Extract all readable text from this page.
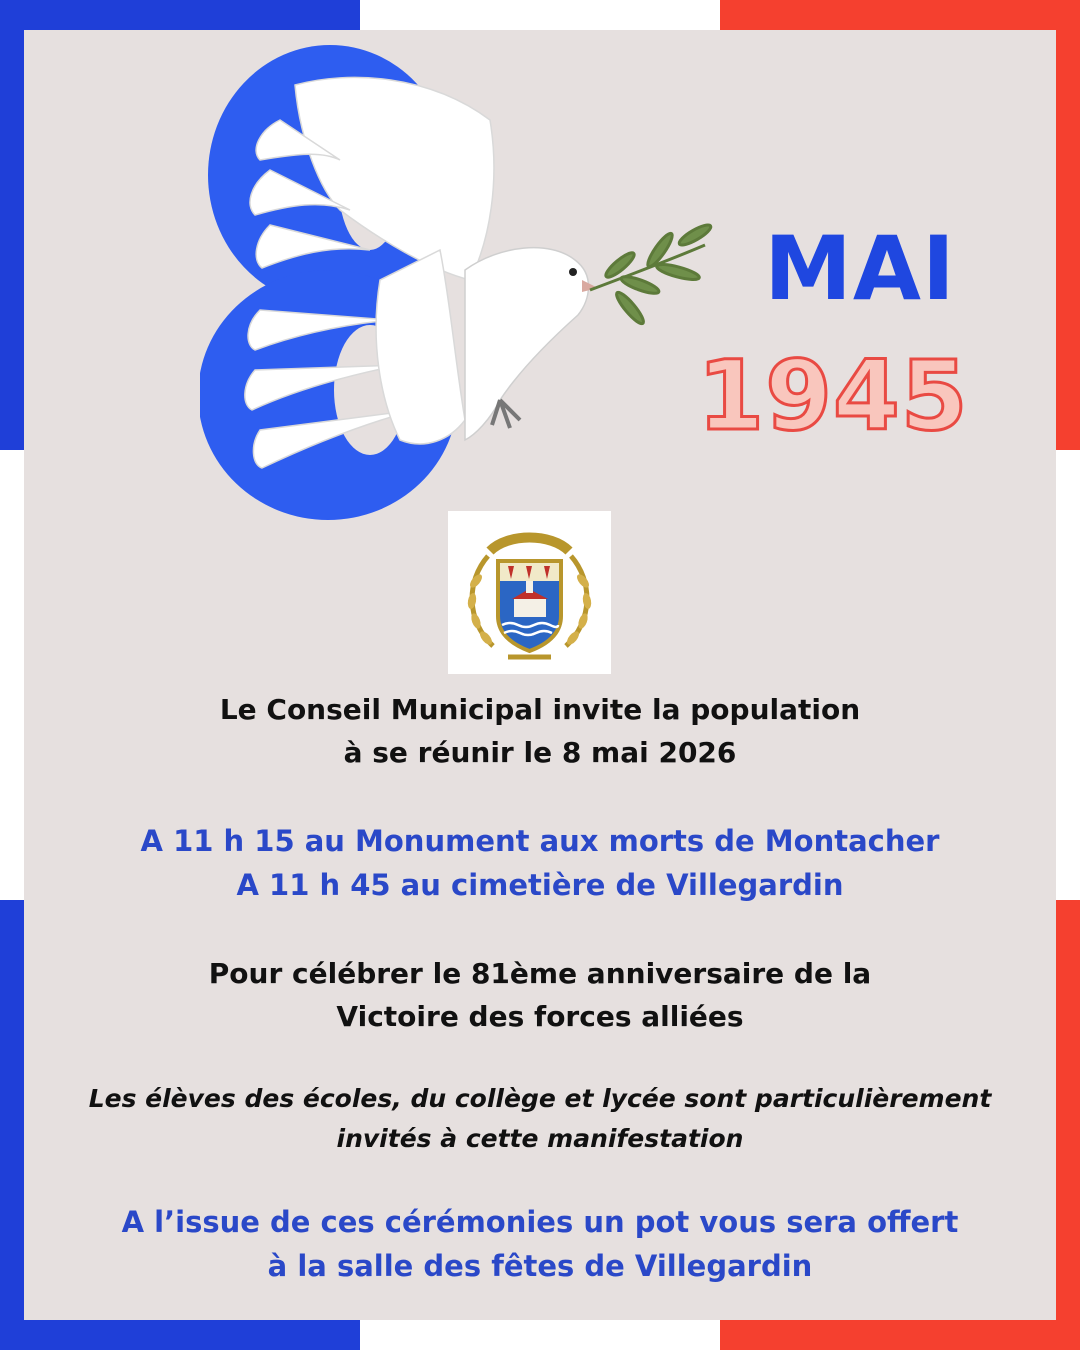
MAI
1945
Le Conseil Municipal invite la population
à se réunir le 8 mai 2026
A 11 h 15 au Monument aux morts de Montacher
A 11 h 45 au cimetière de Villegardin
Pour célébrer le 81ème anniversaire de la
Victoire des forces alliées
Les élèves des écoles, du collège et lycée sont particulièrement
invités à cette manifestation
A l’issue de ces cérémonies un pot vous sera offert
à la salle des fêtes de Villegardin
